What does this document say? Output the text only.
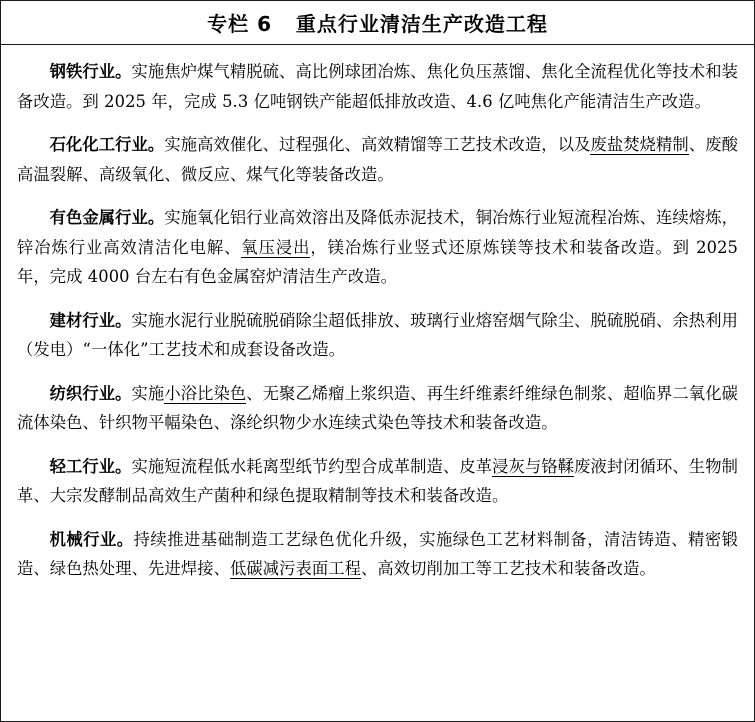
专栏 6   重点行业清洁生产改造工程

钢铁行业。实施焦炉煤气精脱硫、高比例球团冶炼、焦化负压蒸馏、焦化全流程优化等技术和装备改造。到 2025 年，完成 5.3 亿吨钢铁产能超低排放改造、4.6 亿吨焦化产能清洁生产改造。

石化化工行业。实施高效催化、过程强化、高效精馏等工艺技术改造，以及废盐焚烧精制、废酸高温裂解、高级氧化、微反应、煤气化等装备改造。

有色金属行业。实施氧化铝行业高效溶出及降低赤泥技术，铜冶炼行业短流程冶炼、连续熔炼，锌冶炼行业高效清洁化电解、氧压浸出，镁冶炼行业竖式还原炼镁等技术和装备改造。到 2025 年，完成 4000 台左右有色金属窑炉清洁生产改造。

建材行业。实施水泥行业脱硫脱硝除尘超低排放、玻璃行业熔窑烟气除尘、脱硫脱硝、余热利用（发电）“一体化”工艺技术和成套设备改造。

纺织行业。实施小浴比染色、无聚乙烯瘤上浆织造、再生纤维素纤维绿色制浆、超临界二氧化碳流体染色、针织物平幅染色、涤纶织物少水连续式染色等技术和装备改造。

轻工行业。实施短流程低水耗离型纸节约型合成革制造、皮革浸灰与铬鞣废液封闭循环、生物制革、大宗发酵制品高效生产菌种和绿色提取精制等技术和装备改造。

机械行业。持续推进基础制造工艺绿色优化升级，实施绿色工艺材料制备，清洁铸造、精密锻造、绿色热处理、先进焊接、低碳减污表面工程、高效切削加工等工艺技术和装备改造。
